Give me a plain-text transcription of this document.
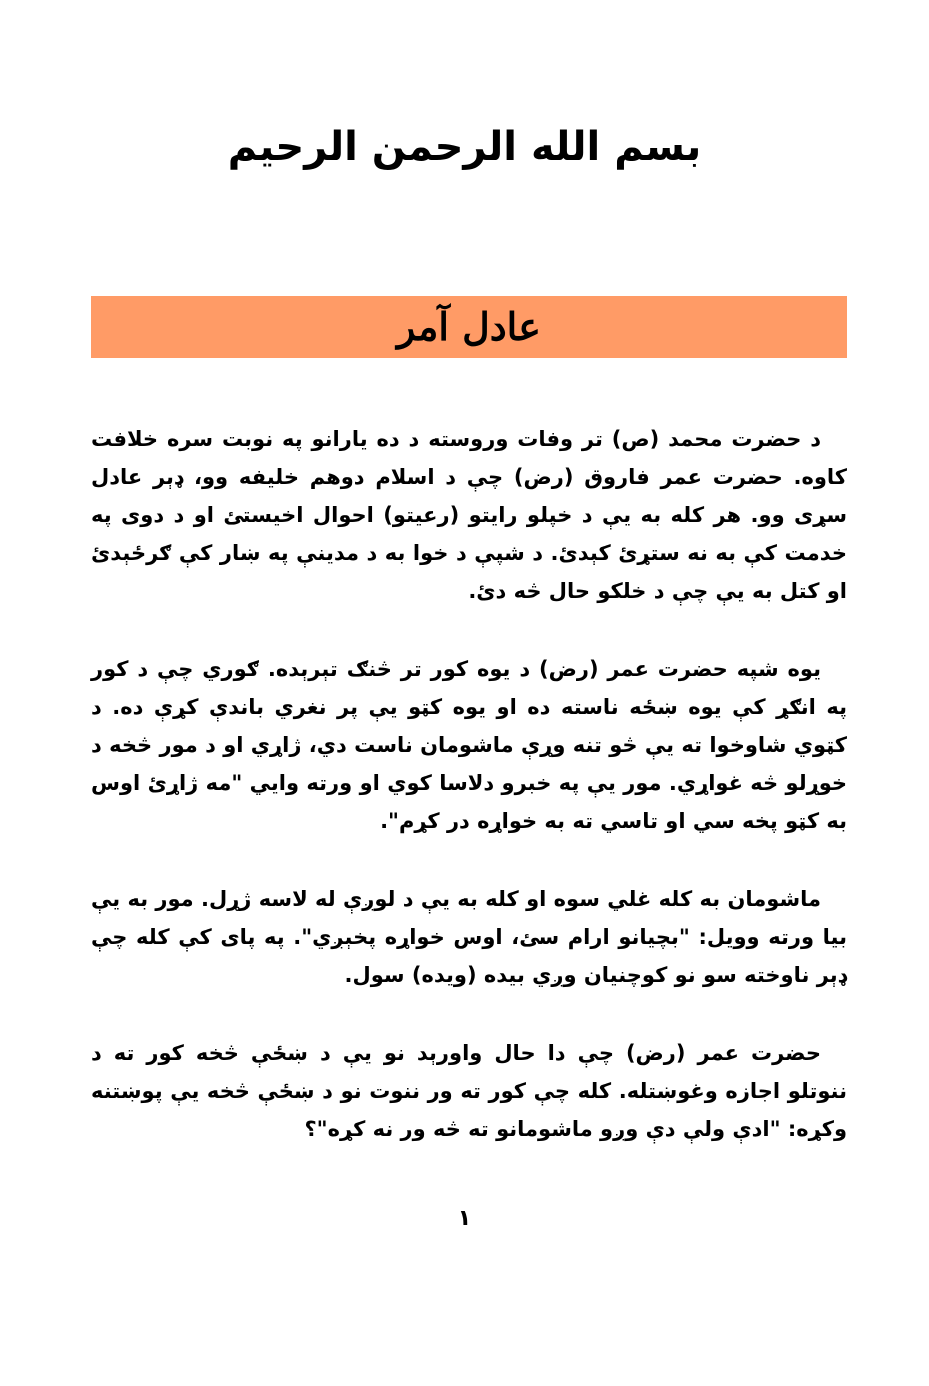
بسم الله الرحمن الرحيم
عادل آمر

د حضرت محمد (ص) تر وفات وروسته د ده يارانو په نوبت سره خلافت كاوه. حضرت عمر فاروق (رض) چې د اسلام دوهم خليفه وو، ډېر عادل سړی وو. هر كله به يې د خپلو رايتو (رعيتو) احوال اخيستئ او د دوی په خدمت كې به نه ستړئ كېدئ. د شپې د خوا به د مدينې په ښار كې ګرځېدئ او كتل به يې چې د خلكو حال څه دئ.

يوه شپه حضرت عمر (رض) د يوه كور تر څنګ تېرېده. ګوري چې د كور په انګړ كې يوه ښځه ناسته ده او يوه كټو يې پر نغري باندې كړې ده. د كټوي شاوخوا ته يې څو تنه وړې ماشومان ناست دي، ژاړي او د مور څخه د خوړلو څه غواړي. مور يې په خبرو دلاسا كوي او ورته وايي "مه ژاړئ اوس به كټو پخه سي او تاسي ته به خواړه در كړم".

ماشومان به كله غلي سوه او كله به يې د لوږې له لاسه ژړل. مور به يې بيا ورته وويل: "بچيانو ارام سئ، اوس خواړه پخېږي". په پای كې كله چې ډېر ناوخته سو نو كوچنيان وږي بيده (ويده) سول.

حضرت عمر (رض) چې دا حال واورېد نو يې د ښځې څخه كور ته د ننوتلو اجازه وغوښتله. كله چې كور ته ور ننوت نو د ښځې څخه يې پوښتنه وكړه: "ادې ولې دې وږو ماشومانو ته څه ور نه كړه"؟

١
